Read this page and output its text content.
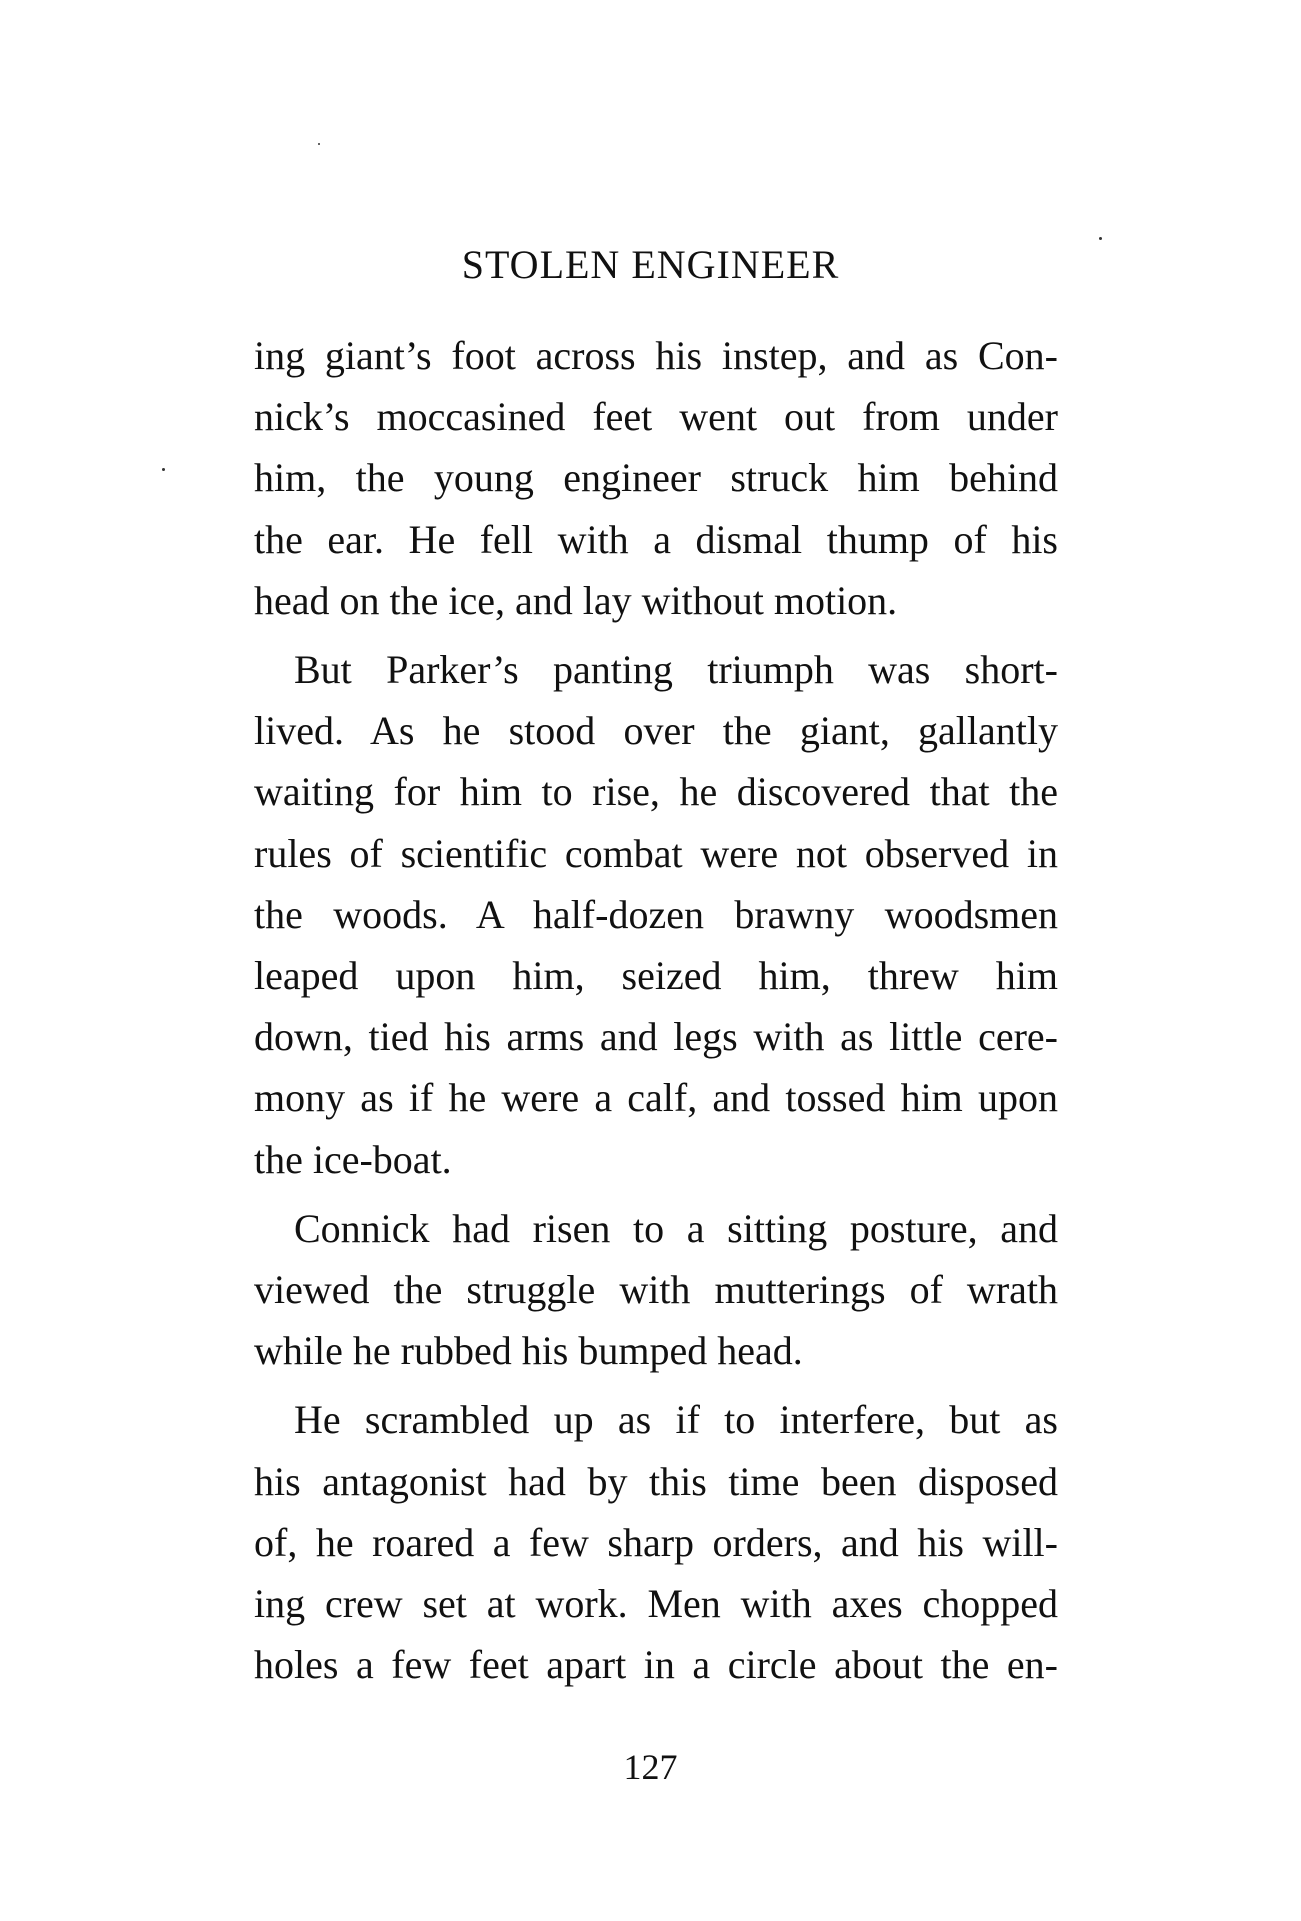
STOLEN ENGINEER
ing giant’s foot across his instep, and as Con-
nick’s moccasined feet went out from under
him, the young engineer struck him behind
the ear. He fell with a dismal thump of his
head on the ice, and lay without motion.
But Parker’s panting triumph was short-
lived. As he stood over the giant, gallantly
waiting for him to rise, he discovered that the
rules of scientific combat were not observed in
the woods. A half-dozen brawny woodsmen
leaped upon him, seized him, threw him
down, tied his arms and legs with as little cere-
mony as if he were a calf, and tossed him upon
the ice-boat.
Connick had risen to a sitting posture, and
viewed the struggle with mutterings of wrath
while he rubbed his bumped head.
He scrambled up as if to interfere, but as
his antagonist had by this time been disposed
of, he roared a few sharp orders, and his will-
ing crew set at work. Men with axes chopped
holes a few feet apart in a circle about the en-
127
